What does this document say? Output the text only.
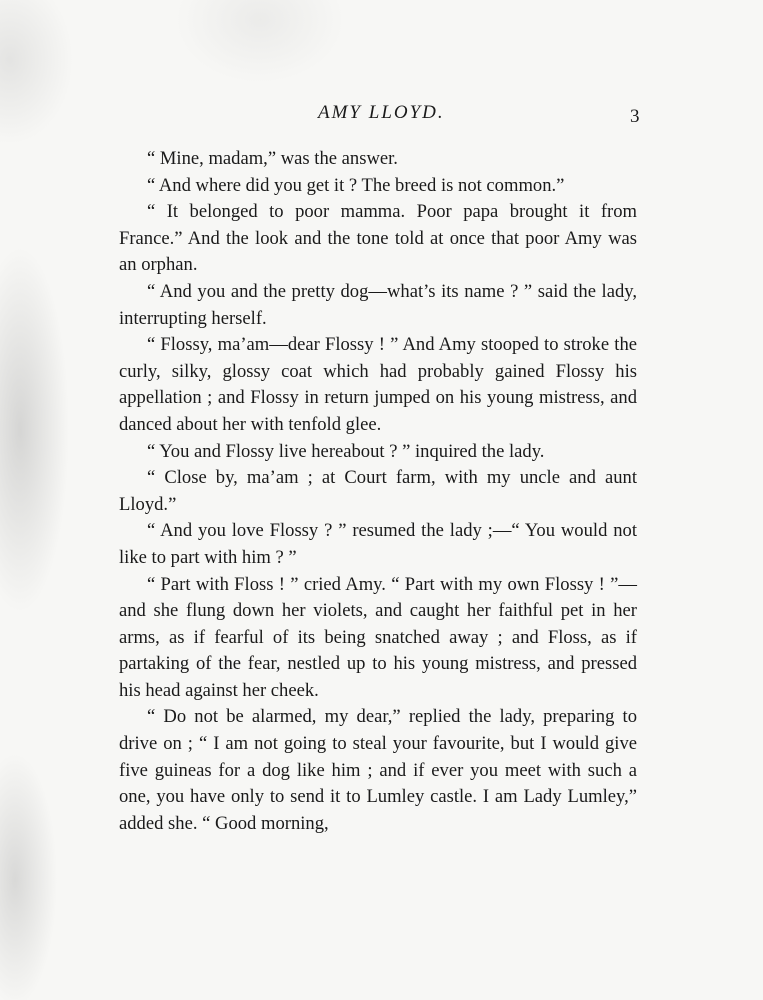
AMY LLOYD.	3

“ Mine, madam,” was the answer.

“ And where did you get it ? The breed is not common.”

“ It belonged to poor mamma. Poor papa brought it from France.” And the look and the tone told at once that poor Amy was an orphan.

“ And you and the pretty dog—what’s its name ? ” said the lady, interrupting herself.

“ Flossy, ma’am—dear Flossy ! ” And Amy stooped to stroke the curly, silky, glossy coat which had probably gained Flossy his appellation ; and Flossy in return jumped on his young mistress, and danced about her with tenfold glee.

“ You and Flossy live hereabout ? ” inquired the lady.

“ Close by, ma’am ; at Court farm, with my uncle and aunt Lloyd.”

“ And you love Flossy ? ” resumed the lady ;—“ You would not like to part with him ? ”

“ Part with Floss ! ” cried Amy. “ Part with my own Flossy ! ”—and she flung down her violets, and caught her faithful pet in her arms, as if fearful of its being snatched away ; and Floss, as if partaking of the fear, nestled up to his young mistress, and pressed his head against her cheek.

“ Do not be alarmed, my dear,” replied the lady, preparing to drive on ; “ I am not going to steal your favourite, but I would give five guineas for a dog like him ; and if ever you meet with such a one, you have only to send it to Lumley castle. I am Lady Lumley,” added she. “ Good morning,
